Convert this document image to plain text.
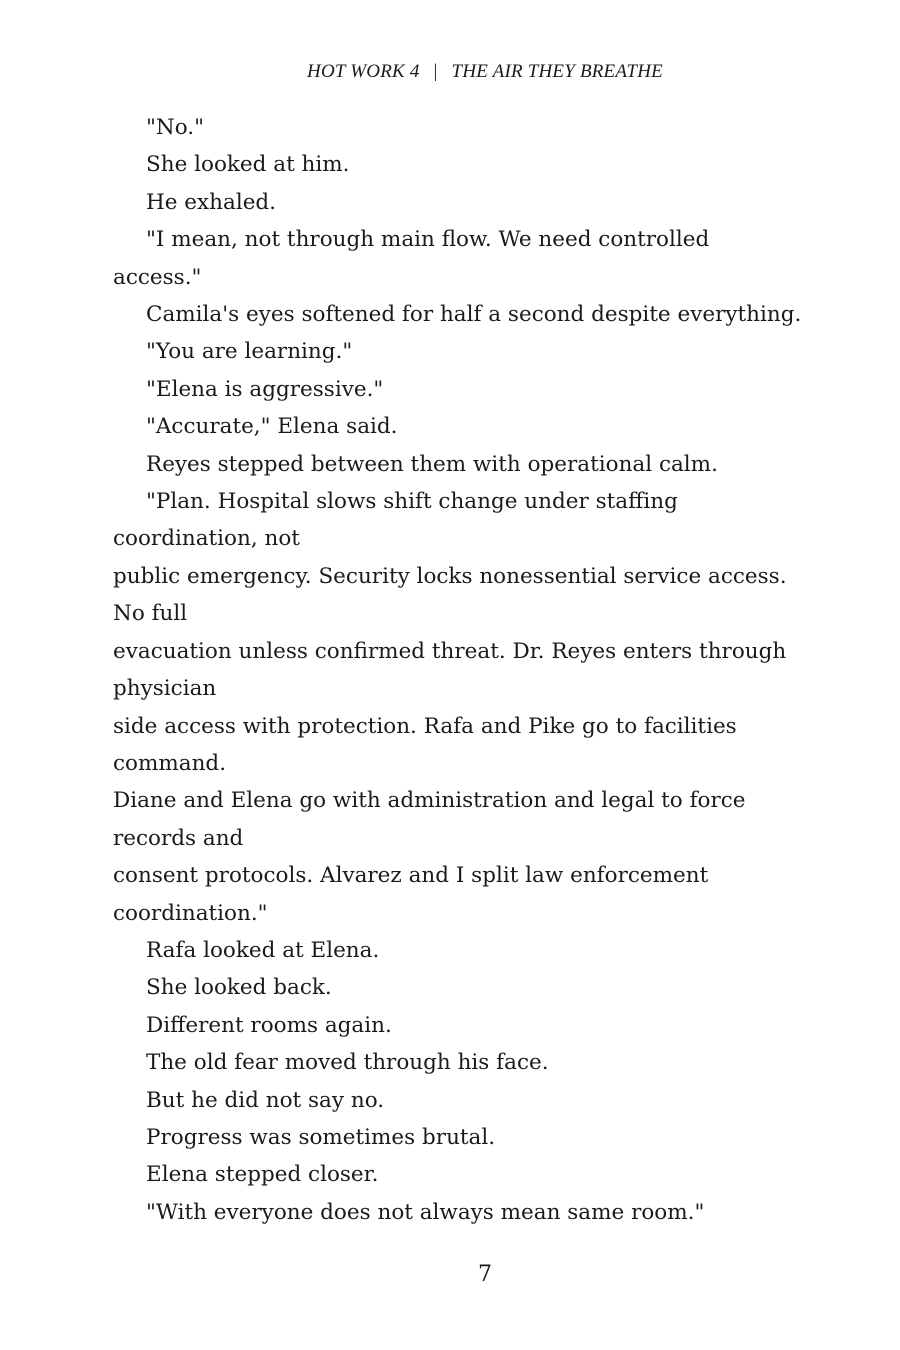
HOT WORK 4 | THE AIR THEY BREATHE

"No."

She looked at him.

He exhaled.

"I mean, not through main flow. We need controlled

access."

Camila's eyes softened for half a second despite everything.

"You are learning."

"Elena is aggressive."

"Accurate," Elena said.

Reyes stepped between them with operational calm.

"Plan. Hospital slows shift change under staffing

coordination, not

public emergency. Security locks nonessential service access.

No full

evacuation unless confirmed threat. Dr. Reyes enters through

physician

side access with protection. Rafa and Pike go to facilities

command.

Diane and Elena go with administration and legal to force

records and

consent protocols. Alvarez and I split law enforcement

coordination."

Rafa looked at Elena.

She looked back.

Different rooms again.

The old fear moved through his face.

But he did not say no.

Progress was sometimes brutal.

Elena stepped closer.

"With everyone does not always mean same room."

7
